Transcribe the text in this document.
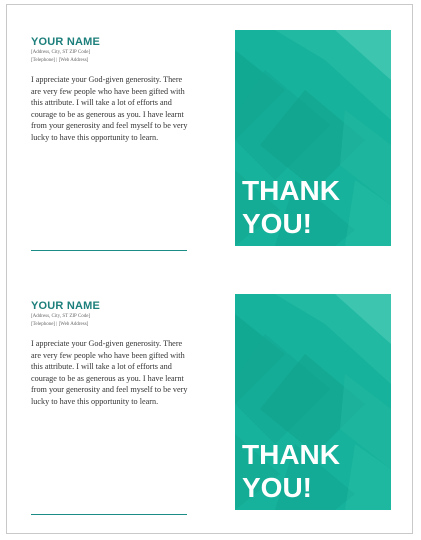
YOUR NAME
[Address, City, ST ZIP Code]
[Telephone] | [Web Address]
I appreciate your God-given generosity. There are very few people who have been gifted with this attribute. I will take a lot of efforts and courage to be as generous as you. I have learnt from your generosity and feel myself to be very lucky to have this opportunity to learn.
THANK
YOU!
YOUR NAME
[Address, City, ST ZIP Code]
[Telephone] | [Web Address]
I appreciate your God-given generosity. There are very few people who have been gifted with this attribute. I will take a lot of efforts and courage to be as generous as you. I have learnt from your generosity and feel myself to be very lucky to have this opportunity to learn.
THANK
YOU!
